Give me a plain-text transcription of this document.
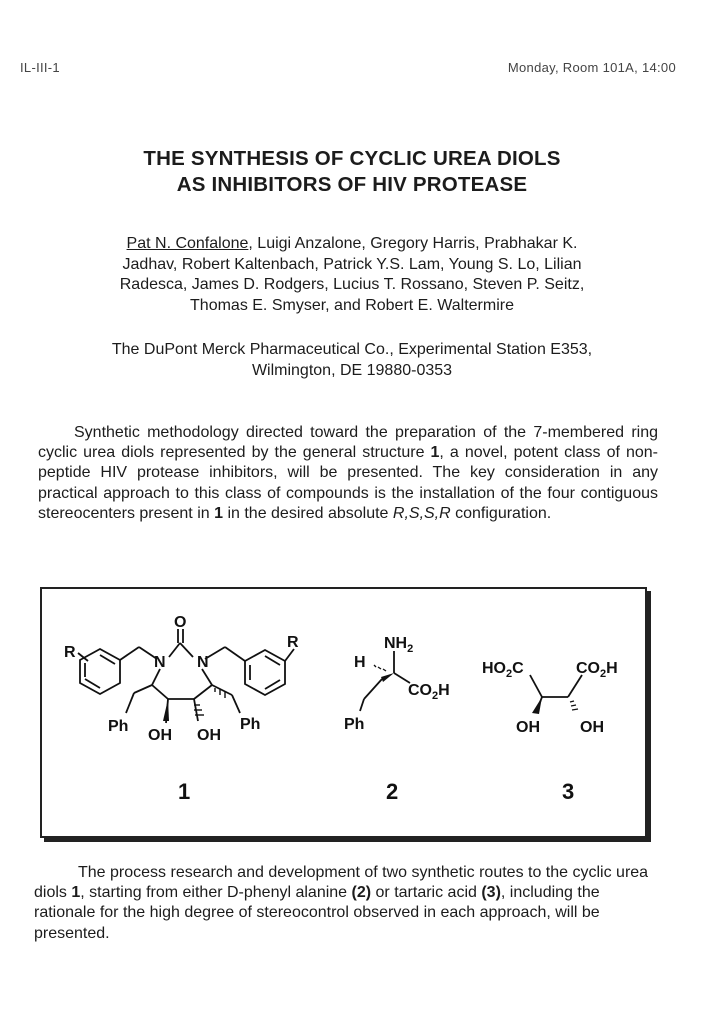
IL-III-1	Monday, Room 101A, 14:00
THE SYNTHESIS OF CYCLIC UREA DIOLS
AS INHIBITORS OF HIV PROTEASE
Pat N. Confalone, Luigi Anzalone, Gregory Harris, Prabhakar K.
Jadhav, Robert Kaltenbach, Patrick Y.S. Lam, Young S. Lo, Lilian
Radesca, James D. Rodgers, Lucius T. Rossano, Steven P. Seitz,
Thomas E. Smyser, and Robert E. Waltermire
The DuPont Merck Pharmaceutical Co., Experimental Station E353,
Wilmington, DE 19880-0353

Synthetic methodology directed toward the preparation of the 7-membered ring cyclic urea diols represented by the general structure 1, a novel, potent class of non-peptide HIV protease inhibitors, will be presented. The key consideration in any practical approach to this class of compounds is the installation of the four contiguous stereocenters present in 1 in the desired absolute R,S,S,R configuration.

R
R
O
N N
Ph	Ph
OH OH
1
$NH_2$
H
$CO_2H$
Ph
2
$HO_2C$	$CO_2H$
OH	OH
3

The process research and development of two synthetic routes to the cyclic urea diols 1, starting from either D-phenyl alanine (2) or tartaric acid (3), including the rationale for the high degree of stereocontrol observed in each approach, will be presented.
